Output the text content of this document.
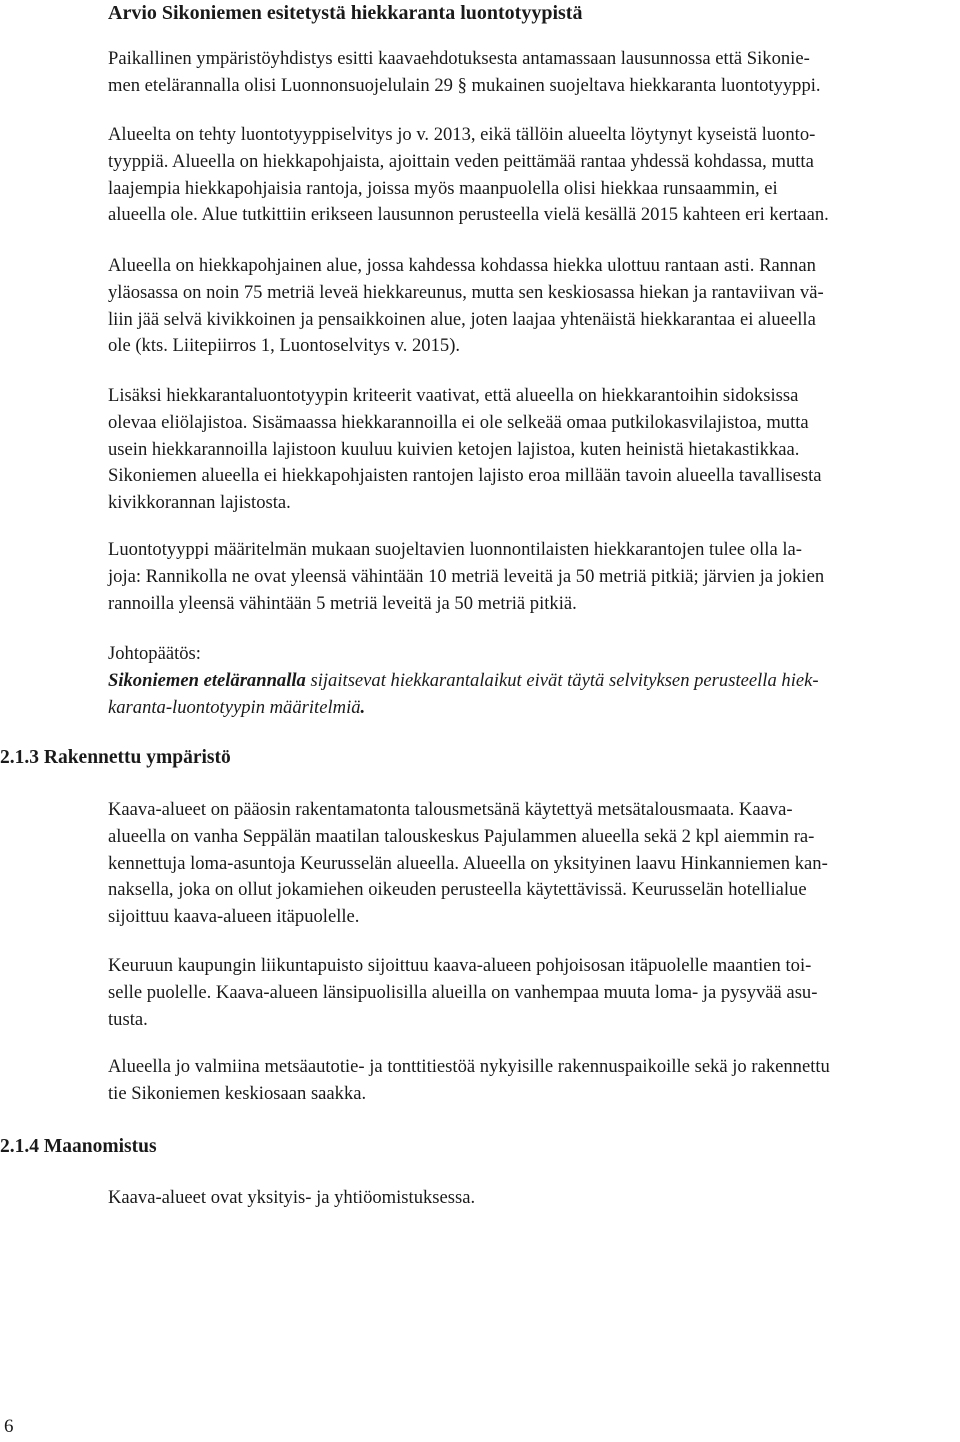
Arvio Sikoniemen esitetystä hiekkaranta luontotyypistä

Paikallinen ympäristöyhdistys esitti kaavaehdotuksesta antamassaan lausunnossa että Sikonie-
men etelärannalla olisi Luonnonsuojelulain 29 § mukainen suojeltava hiekkaranta luontotyyppi.

Alueelta on tehty luontotyyppiselvitys jo v. 2013, eikä tällöin alueelta löytynyt kyseistä luonto-
tyyppiä. Alueella on hiekkapohjaista, ajoittain veden peittämää rantaa yhdessä kohdassa, mutta
laajempia hiekkapohjaisia rantoja, joissa myös maanpuolella olisi hiekkaa runsaammin, ei
alueella ole. Alue tutkittiin erikseen lausunnon perusteella vielä kesällä 2015 kahteen eri kertaan.

Alueella on hiekkapohjainen alue, jossa kahdessa kohdassa hiekka ulottuu rantaan asti. Rannan
yläosassa on noin 75 metriä leveä hiekkareunus, mutta sen keskiosassa hiekan ja rantaviivan vä-
liin jää selvä kivikkoinen ja pensaikkoinen alue, joten laajaa yhtenäistä hiekkarantaa ei alueella
ole (kts. Liitepiirros 1, Luontoselvitys v. 2015).

Lisäksi hiekkarantaluontotyypin kriteerit vaativat, että alueella on hiekkarantoihin sidoksissa
olevaa eliölajistoa. Sisämaassa hiekkarannoilla ei ole selkeää omaa putkilokasvilajistoa, mutta
usein hiekkarannoilla lajistoon kuuluu kuivien ketojen lajistoa, kuten heinistä hietakastikkaa.
Sikoniemen alueella ei hiekkapohjaisten rantojen lajisto eroa millään tavoin alueella tavallisesta
kivikkorannan lajistosta.

Luontotyyppi määritelmän mukaan suojeltavien luonnontilaisten hiekkarantojen tulee olla la-
joja: Rannikolla ne ovat yleensä vähintään 10 metriä leveitä ja 50 metriä pitkiä; järvien ja jokien
rannoilla yleensä vähintään 5 metriä leveitä ja 50 metriä pitkiä.

Johtopäätös:
Sikoniemen etelärannalla sijaitsevat hiekkarantalaikut eivät täytä selvityksen perusteella hiek-
karanta-luontotyypin määritelmiä.
2.1.3 Rakennettu ympäristö

Kaava-alueet on pääosin rakentamatonta talousmetsänä käytettyä metsätalousmaata. Kaava-
alueella on vanha Seppälän maatilan talouskeskus Pajulammen alueella sekä 2 kpl aiemmin ra-
kennettuja loma-asuntoja Keurusselän alueella. Alueella on yksityinen laavu Hinkanniemen kan-
naksella, joka on ollut jokamiehen oikeuden perusteella käytettävissä. Keurusselän hotellialue
sijoittuu kaava-alueen itäpuolelle.

Keuruun kaupungin liikuntapuisto sijoittuu kaava-alueen pohjoisosan itäpuolelle maantien toi-
selle puolelle. Kaava-alueen länsipuolisilla alueilla on vanhempaa muuta loma- ja pysyvää asu-
tusta.

Alueella jo valmiina metsäautotie- ja tonttitiestöä nykyisille rakennuspaikoille sekä jo rakennettu
tie Sikoniemen keskiosaan saakka.

2.1.4 Maanomistus

Kaava-alueet ovat yksityis- ja yhtiöomistuksessa.

6
